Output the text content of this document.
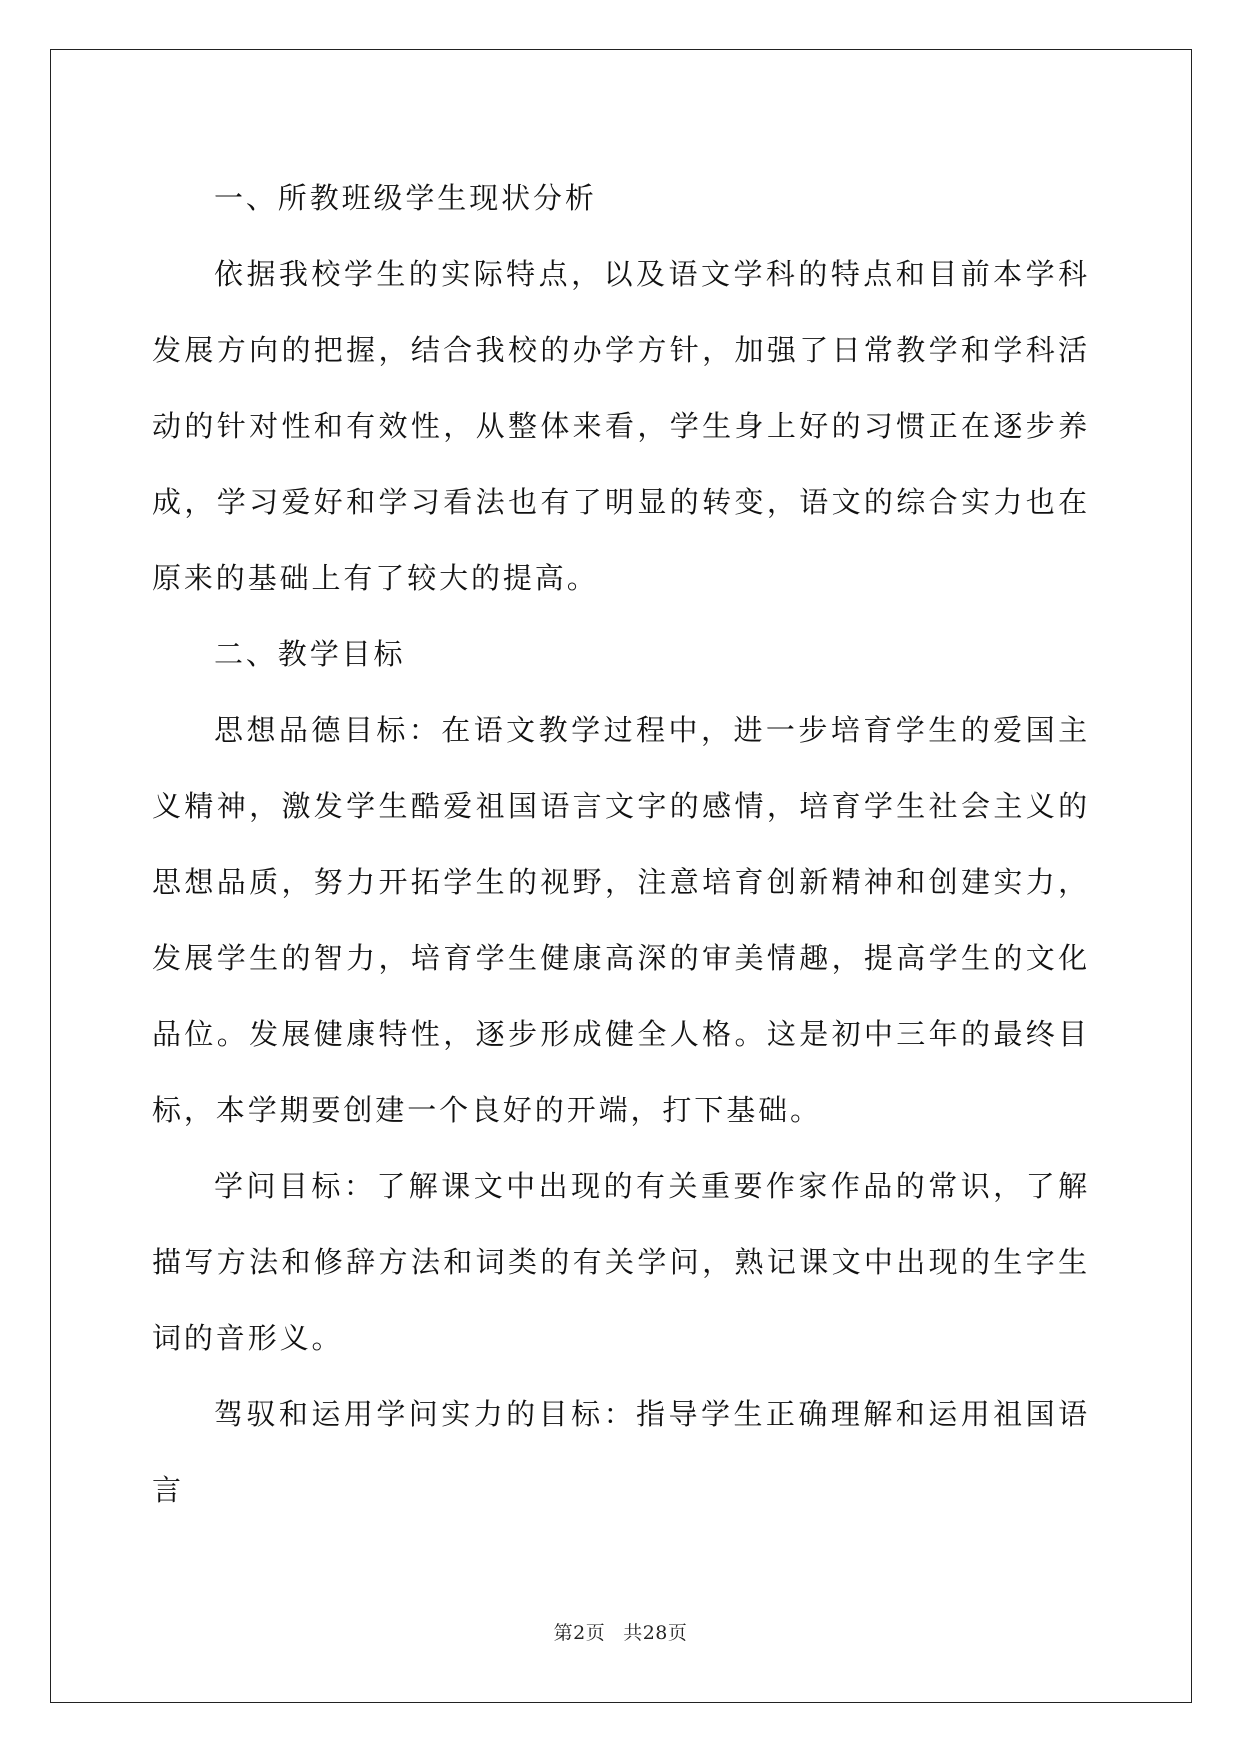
一、所教班级学生现状分析

依据我校学生的实际特点，以及语文学科的特点和目前本学科发展方向的把握，结合我校的办学方针，加强了日常教学和学科活动的针对性和有效性，从整体来看，学生身上好的习惯正在逐步养成，学习爱好和学习看法也有了明显的转变，语文的综合实力也在原来的基础上有了较大的提高。

二、教学目标

思想品德目标：在语文教学过程中，进一步培育学生的爱国主义精神，激发学生酷爱祖国语言文字的感情，培育学生社会主义的思想品质，努力开拓学生的视野，注意培育创新精神和创建实力，发展学生的智力，培育学生健康高深的审美情趣，提高学生的文化品位。发展健康特性，逐步形成健全人格。这是初中三年的最终目标，本学期要创建一个良好的开端，打下基础。

学问目标：了解课文中出现的有关重要作家作品的常识，了解描写方法和修辞方法和词类的有关学问，熟记课文中出现的生字生词的音形义。

驾驭和运用学问实力的目标：指导学生正确理解和运用祖国语言

第2页 共28页
